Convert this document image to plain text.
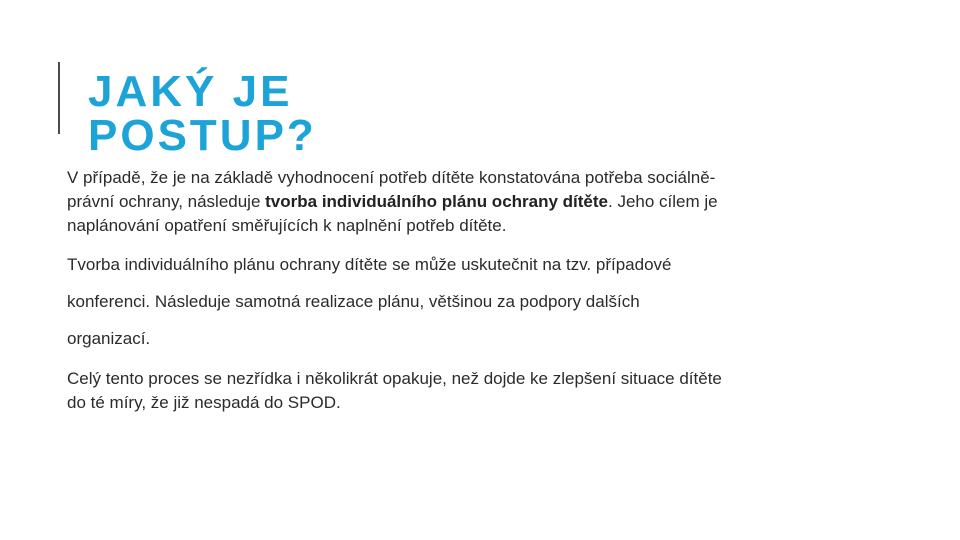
JAKÝ JE POSTUP?

V případě, že je na základě vyhodnocení potřeb dítěte konstatována potřeba sociálně-
právní ochrany, následuje tvorba individuálního plánu ochrany dítěte. Jeho cílem je
naplánování opatření směřujících k naplnění potřeb dítěte.

Tvorba individuálního plánu ochrany dítěte se může uskutečnit na tzv. případové

konferenci. Následuje samotná realizace plánu, většinou za podpory dalších

organizací.

Celý tento proces se nezřídka i několikrát opakuje, než dojde ke zlepšení situace dítěte
do té míry, že již nespadá do SPOD.
